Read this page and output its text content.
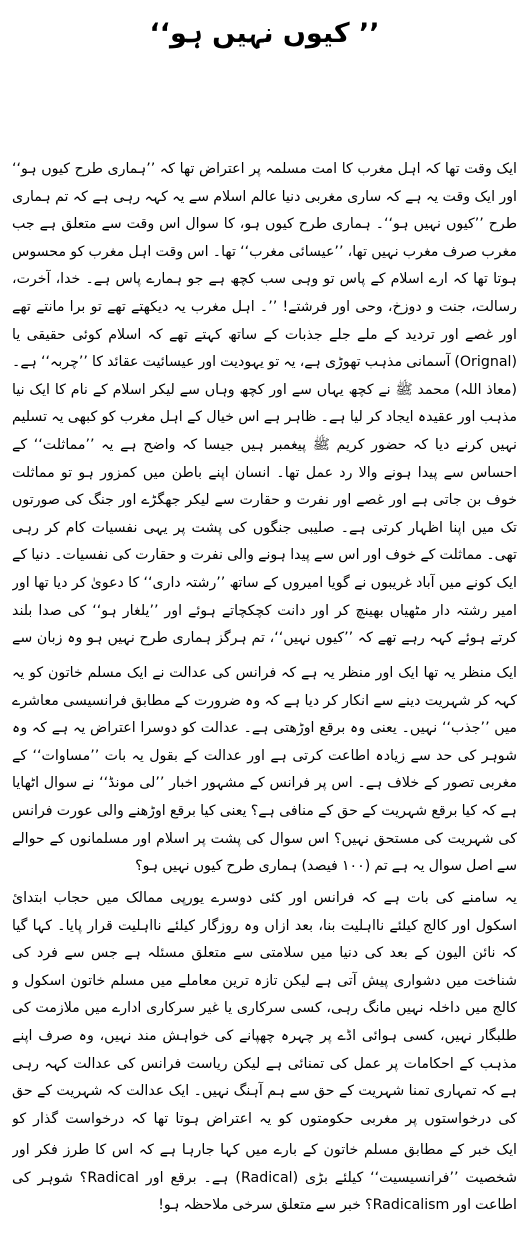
’’ کیوں نہیں ہو‘‘

ایک وقت تھا کہ اہل مغرب کا امت مسلمہ پر اعتراض تھا کہ ’’ہماری طرح کیوں ہو‘‘ اور ایک وقت یہ ہے کہ ساری مغربی دنیا عالم اسلام سے یہ کہہ رہی ہے کہ تم ہماری طرح ’’کیوں نہیں ہو‘‘۔ ہماری طرح کیوں ہو، کا سوال اس وقت سے متعلق ہے جب مغرب صرف مغرب نہیں تھا، ’’عیسائی مغرب‘‘ تھا۔ اس وقت اہل مغرب کو محسوس ہوتا تھا کہ ارے اسلام کے پاس تو وہی سب کچھ ہے جو ہمارے پاس ہے۔ خدا، آخرت، رسالت، جنت و دوزخ، وحی اور فرشتے! ’’۔ اہل مغرب یہ دیکھتے تھے تو برا مانتے تھے اور غصے اور تردید کے ملے جلے جذبات کے ساتھ کہتے تھے کہ اسلام کوئی حقیقی یا (Orignal) آسمانی مذہب تھوڑی ہے، یہ تو یہودیت اور عیسائیت عقائد کا ’’چربہ‘‘ ہے۔ (معاذ اللہ) محمد ﷺ نے کچھ یہاں سے اور کچھ وہاں سے لیکر اسلام کے نام کا ایک نیا مذہب اور عقیدہ ایجاد کر لیا ہے۔ ظاہر ہے اس خیال کے اہل مغرب کو کبھی یہ تسلیم نہیں کرنے دیا کہ حضور کریم ﷺ پیغمبر ہیں جیسا کہ واضح ہے یہ ’’مماثلت‘‘ کے احساس سے پیدا ہونے والا رد عمل تھا۔ انسان اپنے باطن میں کمزور ہو تو مماثلت خوف بن جاتی ہے اور غصے اور نفرت و حقارت سے لیکر جھگڑے اور جنگ کی صورتوں تک میں اپنا اظہار کرتی ہے۔ صلیبی جنگوں کی پشت پر یہی نفسیات کام کر رہی تھی۔ مماثلت کے خوف اور اس سے پیدا ہونے والی نفرت و حقارت کی نفسیات۔ دنیا کے ایک کونے میں آباد غریبوں نے گویا امیروں کے ساتھ ’’رشتہ داری‘‘ کا دعویٰ کر دیا تھا اور امیر رشتہ دار مٹھیاں بھینچ کر اور دانت کچکچاتے ہوئے اور ’’یلغار ہو‘‘ کی صدا بلند کرتے ہوئے کہہ رہے تھے کہ ’’کیوں نہیں‘‘، تم ہرگز ہماری طرح نہیں ہو وہ زبان سے

ایک منظر یہ تھا ایک اور منظر یہ ہے کہ فرانس کی عدالت نے ایک مسلم خاتون کو یہ کہہ کر شہریت دینے سے انکار کر دیا ہے کہ وہ ضرورت کے مطابق فرانسیسی معاشرے میں ’’جذب‘‘ نہیں۔ یعنی وہ برقع اوڑھتی ہے۔ عدالت کو دوسرا اعتراض یہ ہے کہ وہ شوہر کی حد سے زیادہ اطاعت کرتی ہے اور عدالت کے بقول یہ بات ’’مساوات‘‘ کے مغربی تصور کے خلاف ہے۔ اس پر فرانس کے مشہور اخبار ’’لی مونڈ‘‘ نے سوال اٹھایا ہے کہ کیا برقع شہریت کے حق کے منافی ہے؟ یعنی کیا برقع اوڑھنے والی عورت فرانس کی شہریت کی مستحق نہیں؟ اس سوال کی پشت پر اسلام اور مسلمانوں کے حوالے سے اصل سوال یہ ہے تم (۱۰۰ فیصد) ہماری طرح کیوں نہیں ہو؟

یہ سامنے کی بات ہے کہ فرانس اور کئی دوسرے یورپی ممالک میں حجاب ابتدائ اسکول اور کالج کیلئے نااہلیت بنا، بعد ازاں وہ روزگار کیلئے نااہلیت قرار پایا۔ کہا گیا کہ نائن الیون کے بعد کی دنیا میں سلامتی سے متعلق مسئلہ ہے جس سے فرد کی شناخت میں دشواری پیش آتی ہے لیکن تازہ ترین معاملے میں مسلم خاتون اسکول و کالج میں داخلہ نہیں مانگ رہی، کسی سرکاری یا غیر سرکاری ادارے میں ملازمت کی طلبگار نہیں، کسی ہوائی اڈے پر چہرہ چھپانے کی خواہش مند نہیں، وہ صرف اپنے مذہب کے احکامات پر عمل کی تمنائی ہے لیکن ریاست فرانس کی عدالت کہہ رہی ہے کہ تمہاری تمنا شہریت کے حق سے ہم آہنگ نہیں۔ ایک عدالت کہ شہریت کے حق کی درخواستوں پر مغربی حکومتوں کو یہ اعتراض ہوتا تھا کہ درخواست گذار کو

ایک خبر کے مطابق مسلم خاتون کے بارے میں کہا جارہا ہے کہ اس کا طرز فکر اور شخصیت ’’فرانسیسیت‘‘ کیلئے بڑی (Radical) ہے۔ برقع اور Radical؟ شوہر کی اطاعت اور Radicalism؟ خبر سے متعلق سرخی ملاحظہ ہو!
